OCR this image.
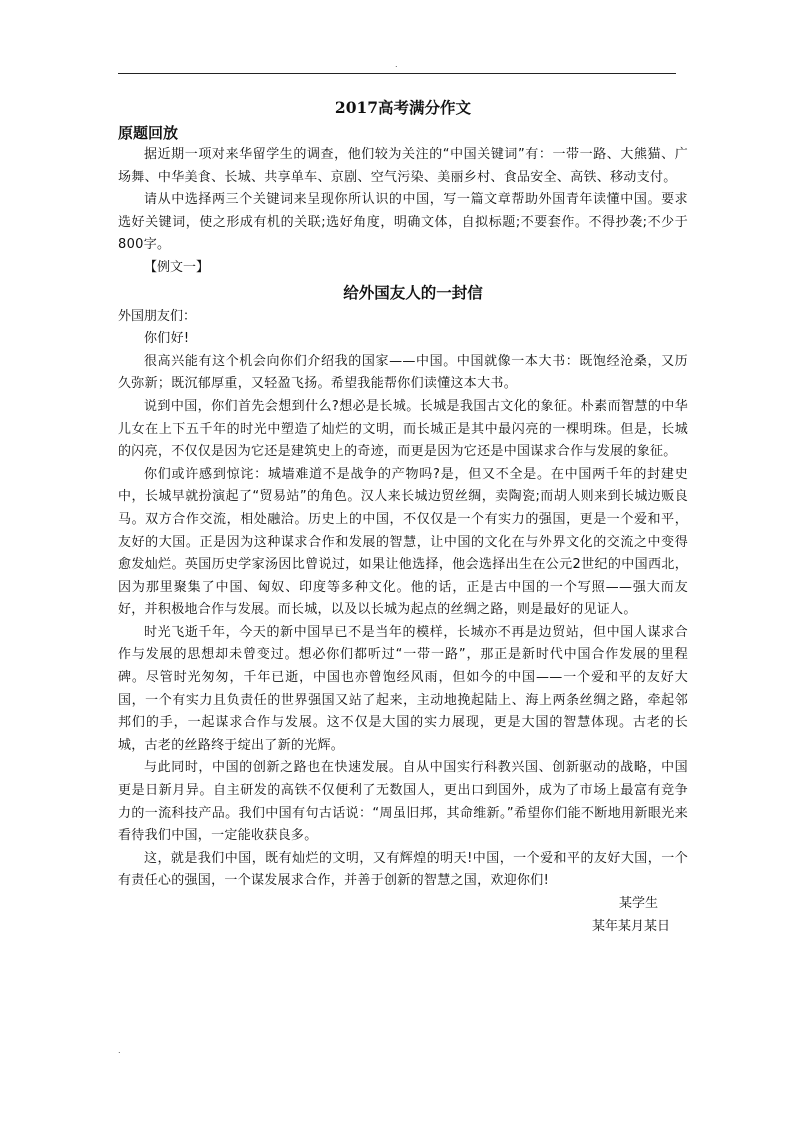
.

2017高考满分作文

原题回放

据近期一项对来华留学生的调查，他们较为关注的“中国关键词”有：一带一路、大熊猫、广场舞、中华美食、长城、共享单车、京剧、空气污染、美丽乡村、食品安全、高铁、移动支付。

请从中选择两三个关键词来呈现你所认识的中国，写一篇文章帮助外国青年读懂中国。要求选好关键词，使之形成有机的关联;选好角度，明确文体，自拟标题;不要套作。不得抄袭;不少于800字。

【例文一】

给外国友人的一封信

外国朋友们：

你们好!

很高兴能有这个机会向你们介绍我的国家——中国。中国就像一本大书：既饱经沧桑，又历久弥新；既沉郁厚重，又轻盈飞扬。希望我能帮你们读懂这本大书。

说到中国，你们首先会想到什么?想必是长城。长城是我国古文化的象征。朴素而智慧的中华儿女在上下五千年的时光中塑造了灿烂的文明，而长城正是其中最闪亮的一棵明珠。但是，长城的闪亮，不仅仅是因为它还是建筑史上的奇迹，而更是因为它还是中国谋求合作与发展的象征。

你们或许感到惊诧：城墙难道不是战争的产物吗?是，但又不全是。在中国两千年的封建史中，长城早就扮演起了“贸易站”的角色。汉人来长城边贸丝绸，卖陶瓷;而胡人则来到长城边贩良马。双方合作交流，相处融洽。历史上的中国，不仅仅是一个有实力的强国，更是一个爱和平，友好的大国。正是因为这种谋求合作和发展的智慧，让中国的文化在与外界文化的交流之中变得愈发灿烂。英国历史学家汤因比曾说过，如果让他选择，他会选择出生在公元2世纪的中国西北，因为那里聚集了中国、匈奴、印度等多种文化。他的话，正是古中国的一个写照——强大而友好，并积极地合作与发展。而长城，以及以长城为起点的丝绸之路，则是最好的见证人。

时光飞逝千年，今天的新中国早已不是当年的模样，长城亦不再是边贸站，但中国人谋求合作与发展的思想却未曾变过。想必你们都听过“一带一路”，那正是新时代中国合作发展的里程碑。尽管时光匆匆，千年已逝，中国也亦曾饱经风雨，但如今的中国——一个爱和平的友好大国，一个有实力且负责任的世界强国又站了起来，主动地挽起陆上、海上两条丝绸之路，牵起邻邦们的手，一起谋求合作与发展。这不仅是大国的实力展现，更是大国的智慧体现。古老的长城，古老的丝路终于绽出了新的光辉。

与此同时，中国的创新之路也在快速发展。自从中国实行科教兴国、创新驱动的战略，中国更是日新月异。自主研发的高铁不仅便利了无数国人，更出口到国外，成为了市场上最富有竞争力的一流科技产品。我们中国有句古话说：“周虽旧邦，其命维新。”希望你们能不断地用新眼光来看待我们中国，一定能收获良多。

这，就是我们中国，既有灿烂的文明，又有辉煌的明天!中国，一个爱和平的友好大国，一个有责任心的强国，一个谋发展求合作，并善于创新的智慧之国，欢迎你们!

某学生

某年某月某日

.
